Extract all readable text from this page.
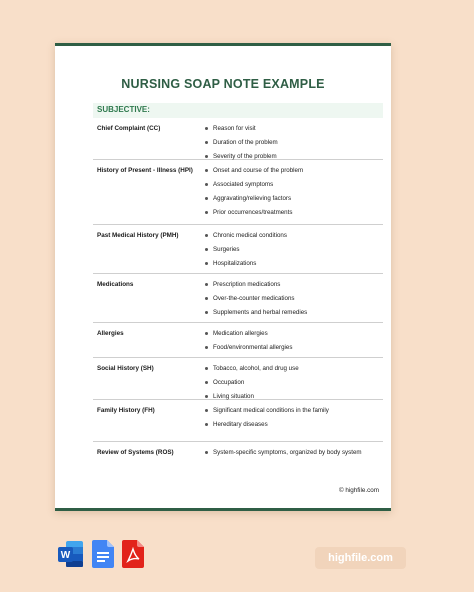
NURSING SOAP NOTE EXAMPLE
SUBJECTIVE:
Chief Complaint (CC)	Reason for visit
Duration of the problem
Severity of the problem
History of Present - Illness (HPI)	Onset and course of the problem
Associated symptoms
Aggravating/relieving factors
Prior occurrences/treatments
Past Medical History (PMH)	Chronic medical conditions
Surgeries
Hospitalizations
Medications	Prescription medications
Over-the-counter medications
Supplements and herbal remedies
Allergies	Medication allergies
Food/environmental allergies
Social History (SH)	Tobacco, alcohol, and drug use
Occupation
Living situation
Family History (FH)	Significant medical conditions in the family
Hereditary diseases
Review of Systems (ROS)	System-specific symptoms, organized by body system
© highfile.com
W	highfile.com
